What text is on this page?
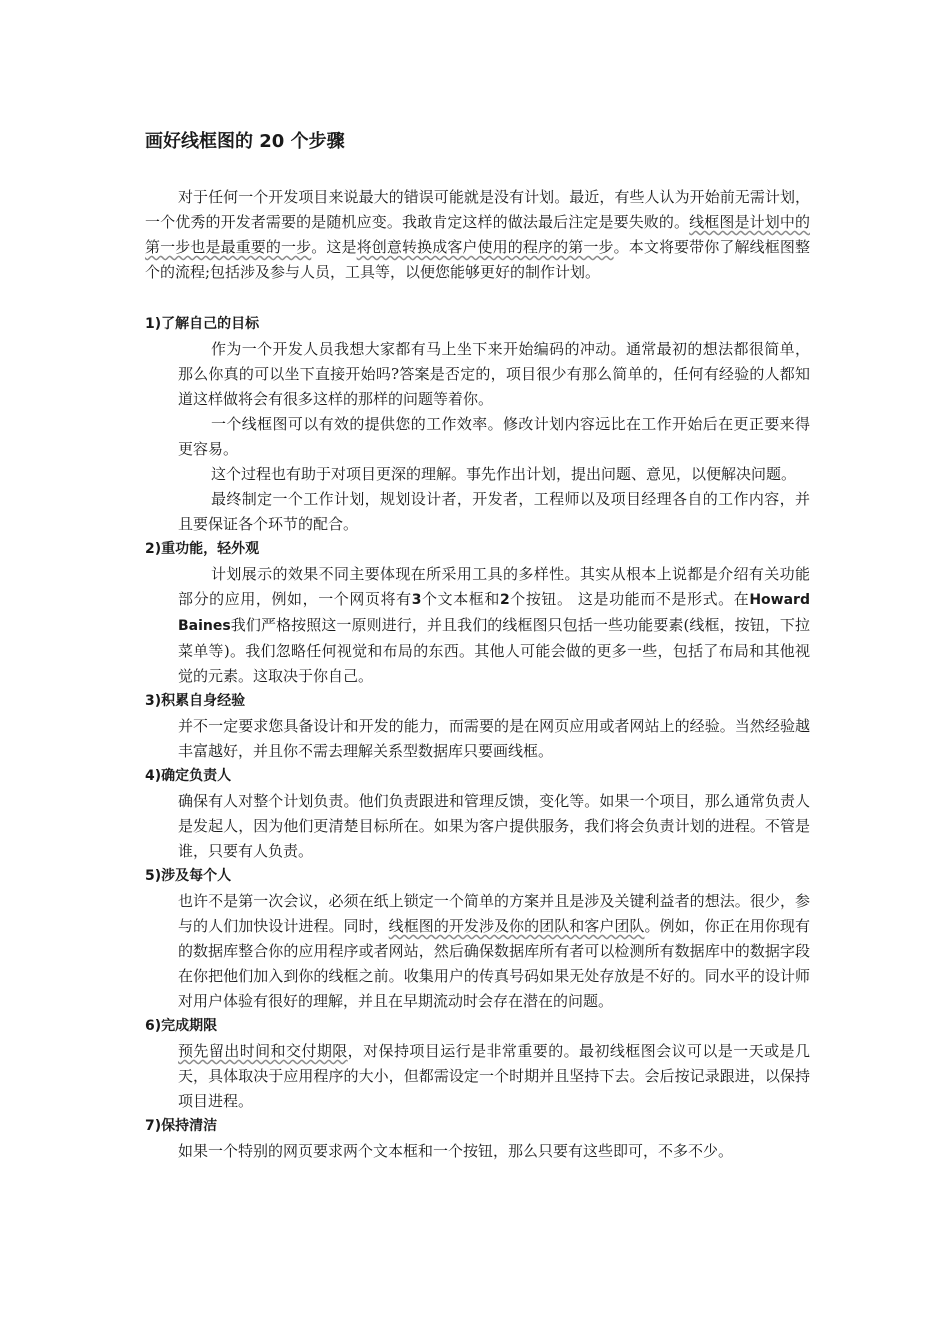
画好线框图的 20 个步骤

对于任何一个开发项目来说最大的错误可能就是没有计划。最近，有些人认为开始前无需计划，一个优秀的开发者需要的是随机应变。我敢肯定这样的做法最后注定是要失败的。线框图是计划中的第一步也是最重要的一步。这是将创意转换成客户使用的程序的第一步。本文将要带你了解线框图整个的流程;包括涉及参与人员，工具等，以便您能够更好的制作计划。

1)了解自己的目标

作为一个开发人员我想大家都有马上坐下来开始编码的冲动。通常最初的想法都很简单，那么你真的可以坐下直接开始吗?答案是否定的，项目很少有那么简单的，任何有经验的人都知道这样做将会有很多这样的那样的问题等着你。

一个线框图可以有效的提供您的工作效率。修改计划内容远比在工作开始后在更正要来得更容易。

这个过程也有助于对项目更深的理解。事先作出计划，提出问题、意见，以便解决问题。

最终制定一个工作计划，规划设计者，开发者，工程师以及项目经理各自的工作内容，并且要保证各个环节的配合。

2)重功能，轻外观

计划展示的效果不同主要体现在所采用工具的多样性。其实从根本上说都是介绍有关功能部分的应用，例如，一个网页将有3个文本框和2个按钮。 这是功能而不是形式。在Howard Baines我们严格按照这一原则进行，并且我们的线框图只包括一些功能要素(线框，按钮，下拉菜单等)。我们忽略任何视觉和布局的东西。其他人可能会做的更多一些，包括了布局和其他视觉的元素。这取决于你自己。

3)积累自身经验

并不一定要求您具备设计和开发的能力，而需要的是在网页应用或者网站上的经验。当然经验越丰富越好，并且你不需去理解关系型数据库只要画线框。

4)确定负责人

确保有人对整个计划负责。他们负责跟进和管理反馈，变化等。如果一个项目，那么通常负责人是发起人，因为他们更清楚目标所在。如果为客户提供服务，我们将会负责计划的进程。不管是谁，只要有人负责。

5)涉及每个人

也许不是第一次会议，必须在纸上锁定一个简单的方案并且是涉及关键利益者的想法。很少，参与的人们加快设计进程。同时，线框图的开发涉及你的团队和客户团队。例如，你正在用你现有的数据库整合你的应用程序或者网站，然后确保数据库所有者可以检测所有数据库中的数据字段在你把他们加入到你的线框之前。收集用户的传真号码如果无处存放是不好的。同水平的设计师对用户体验有很好的理解，并且在早期流动时会存在潜在的问题。

6)完成期限

预先留出时间和交付期限，对保持项目运行是非常重要的。最初线框图会议可以是一天或是几天，具体取决于应用程序的大小，但都需设定一个时期并且坚持下去。会后按记录跟进，以保持项目进程。

7)保持清洁

如果一个特别的网页要求两个文本框和一个按钮，那么只要有这些即可，不多不少。
